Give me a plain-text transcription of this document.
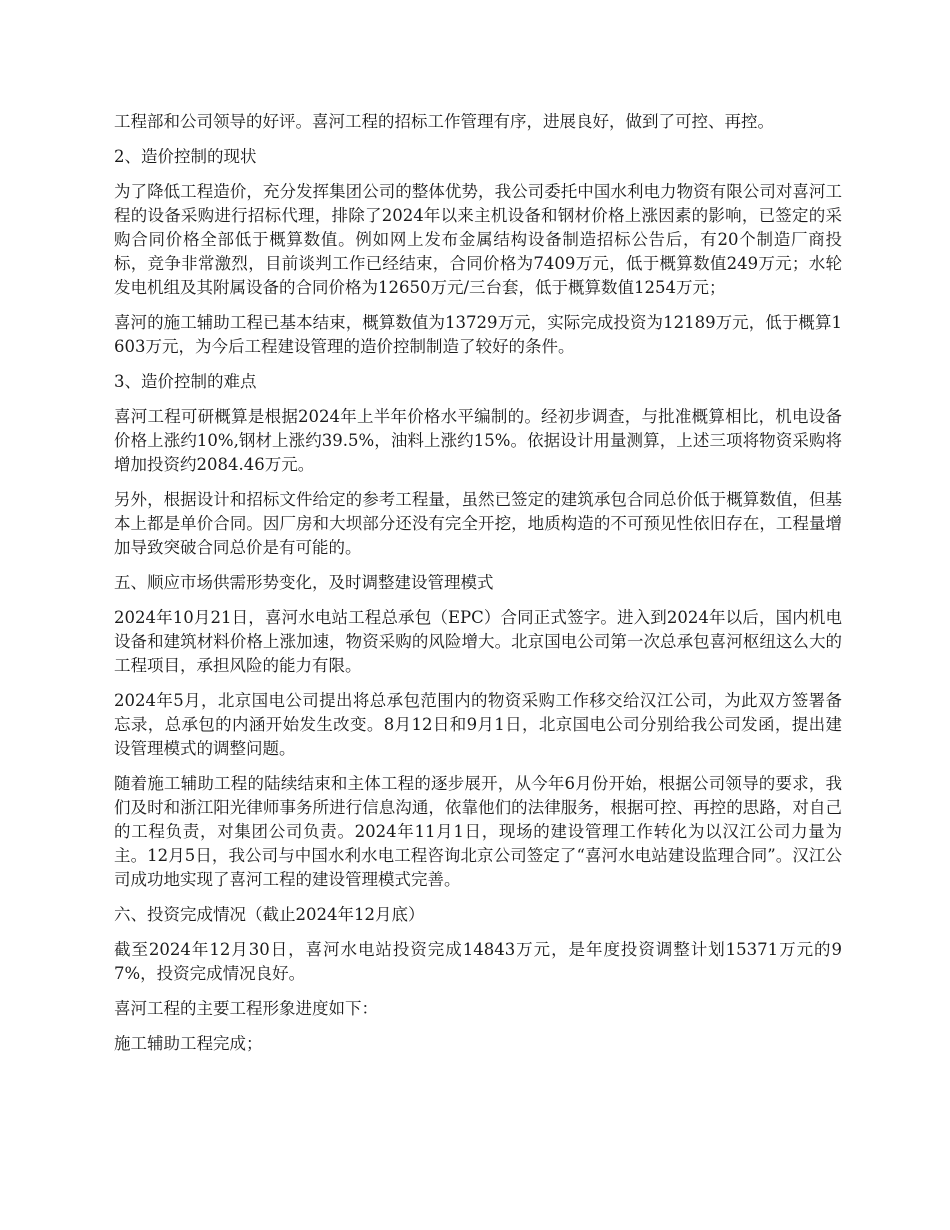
工程部和公司领导的好评。喜河工程的招标工作管理有序，进展良好，做到了可控、再控。

2、造价控制的现状

为了降低工程造价，充分发挥集团公司的整体优势，我公司委托中国水利电力物资有限公司对喜河工程的设备采购进行招标代理，排除了2024年以来主机设备和钢材价格上涨因素的影响，已签定的采购合同价格全部低于概算数值。例如网上发布金属结构设备制造招标公告后，有20个制造厂商投标，竞争非常激烈，目前谈判工作已经结束，合同价格为7409万元，低于概算数值249万元；水轮发电机组及其附属设备的合同价格为12650万元/三台套，低于概算数值1254万元；

喜河的施工辅助工程已基本结束，概算数值为13729万元，实际完成投资为12189万元，低于概算1603万元，为今后工程建设管理的造价控制制造了较好的条件。

3、造价控制的难点

喜河工程可研概算是根据2024年上半年价格水平编制的。经初步调查，与批准概算相比，机电设备价格上涨约10%,钢材上涨约39.5%，油料上涨约15%。依据设计用量测算，上述三项将物资采购将增加投资约2084.46万元。

另外，根据设计和招标文件给定的参考工程量，虽然已签定的建筑承包合同总价低于概算数值，但基本上都是单价合同。因厂房和大坝部分还没有完全开挖，地质构造的不可预见性依旧存在，工程量增加导致突破合同总价是有可能的。

五、顺应市场供需形势变化，及时调整建设管理模式

2024年10月21日，喜河水电站工程总承包（EPC）合同正式签字。进入到2024年以后，国内机电设备和建筑材料价格上涨加速，物资采购的风险增大。北京国电公司第一次总承包喜河枢纽这么大的工程项目，承担风险的能力有限。

2024年5月，北京国电公司提出将总承包范围内的物资采购工作移交给汉江公司，为此双方签署备忘录，总承包的内涵开始发生改变。8月12日和9月1日，北京国电公司分别给我公司发函，提出建设管理模式的调整问题。

随着施工辅助工程的陆续结束和主体工程的逐步展开，从今年6月份开始，根据公司领导的要求，我们及时和浙江阳光律师事务所进行信息沟通，依靠他们的法律服务，根据可控、再控的思路，对自己的工程负责，对集团公司负责。2024年11月1日，现场的建设管理工作转化为以汉江公司力量为主。12月5日，我公司与中国水利水电工程咨询北京公司签定了“喜河水电站建设监理合同”。汉江公司成功地实现了喜河工程的建设管理模式完善。

六、投资完成情况（截止2024年12月底）

截至2024年12月30日，喜河水电站投资完成14843万元，是年度投资调整计划15371万元的97%，投资完成情况良好。

喜河工程的主要工程形象进度如下：

施工辅助工程完成；
